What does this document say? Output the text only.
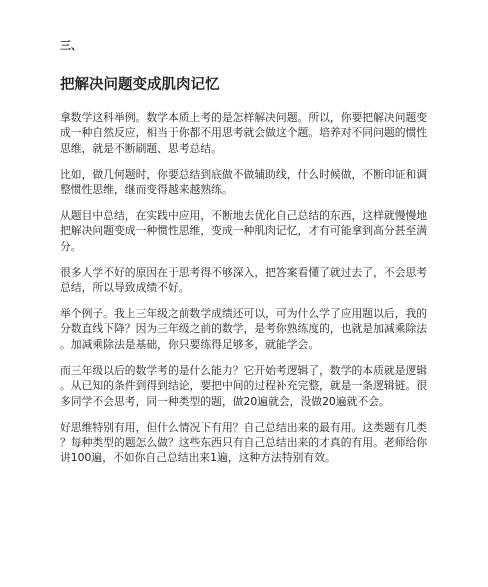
三、
把解决问题变成肌肉记忆

拿数学这科举例。数学本质上考的是怎样解决问题。所以，你要把解决问题变成一种自然反应，相当于你都不用思考就会做这个题。培养对不同问题的惯性思维，就是不断刷题、思考总结。

比如，做几何题时，你要总结到底做不做辅助线，什么时候做，不断印证和调整惯性思维，继而变得越来越熟练。

从题目中总结，在实践中应用，不断地去优化自己总结的东西，这样就慢慢地把解决问题变成一种惯性思维，变成一种肌肉记忆，才有可能拿到高分甚至满分。

很多人学不好的原因在于思考得不够深入，把答案看懂了就过去了，不会思考总结，所以导致成绩不好。

举个例子。我上三年级之前数学成绩还可以，可为什么学了应用题以后，我的分数直线下降？因为三年级之前的数学，是考你熟练度的，也就是加减乘除法。加减乘除法是基础，你只要练得足够多，就能学会。

而三年级以后的数学考的是什么能力？它开始考逻辑了，数学的本质就是逻辑。从已知的条件到得到结论，要把中间的过程补充完整，就是一条逻辑链。很多同学不会思考，同一种类型的题，做20遍就会，没做20遍就不会。

好思维特别有用，但什么情况下有用？自己总结出来的最有用。这类题有几类？每种类型的题怎么做？这些东西只有自己总结出来的才真的有用。老师给你讲100遍，不如你自己总结出来1遍，这种方法特别有效。
